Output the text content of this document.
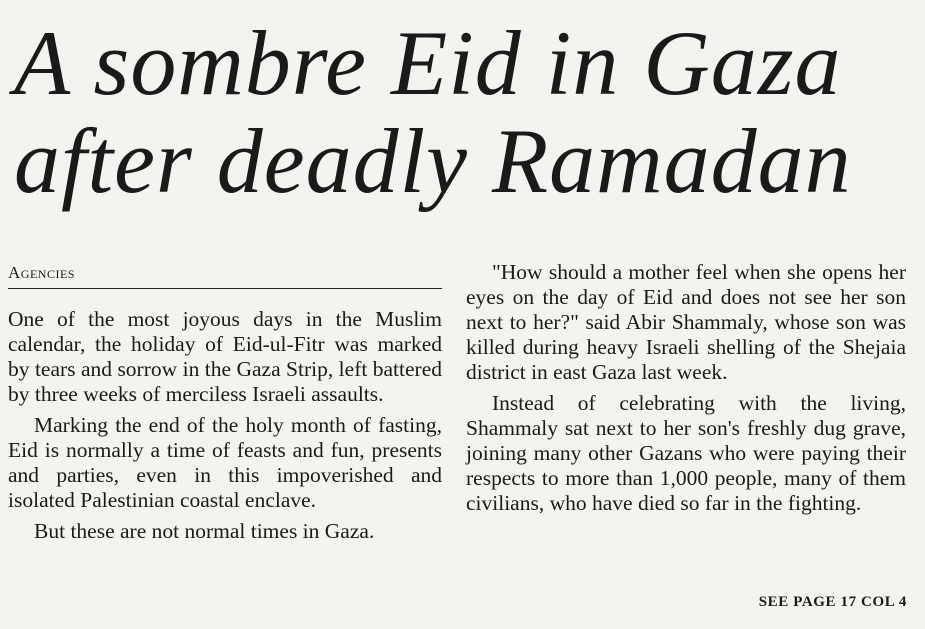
A sombre Eid in Gaza
after deadly Ramadan
Agencies

One of the most joyous days in the Muslim calendar, the holiday of Eid-ul-Fitr was marked by tears and sorrow in the Gaza Strip, left battered by three weeks of merciless Israeli assaults.

Marking the end of the holy month of fasting, Eid is normally a time of feasts and fun, presents and parties, even in this impoverished and isolated Palestinian coastal enclave.

But these are not normal times in Gaza.

"How should a mother feel when she opens her eyes on the day of Eid and does not see her son next to her?" said Abir Shammaly, whose son was killed during heavy Israeli shelling of the Shejaia district in east Gaza last week.

Instead of celebrating with the living, Shammaly sat next to her son's freshly dug grave, joining many other Gazans who were paying their respects to more than 1,000 people, many of them civilians, who have died so far in the fighting.

SEE PAGE 17 COL 4
